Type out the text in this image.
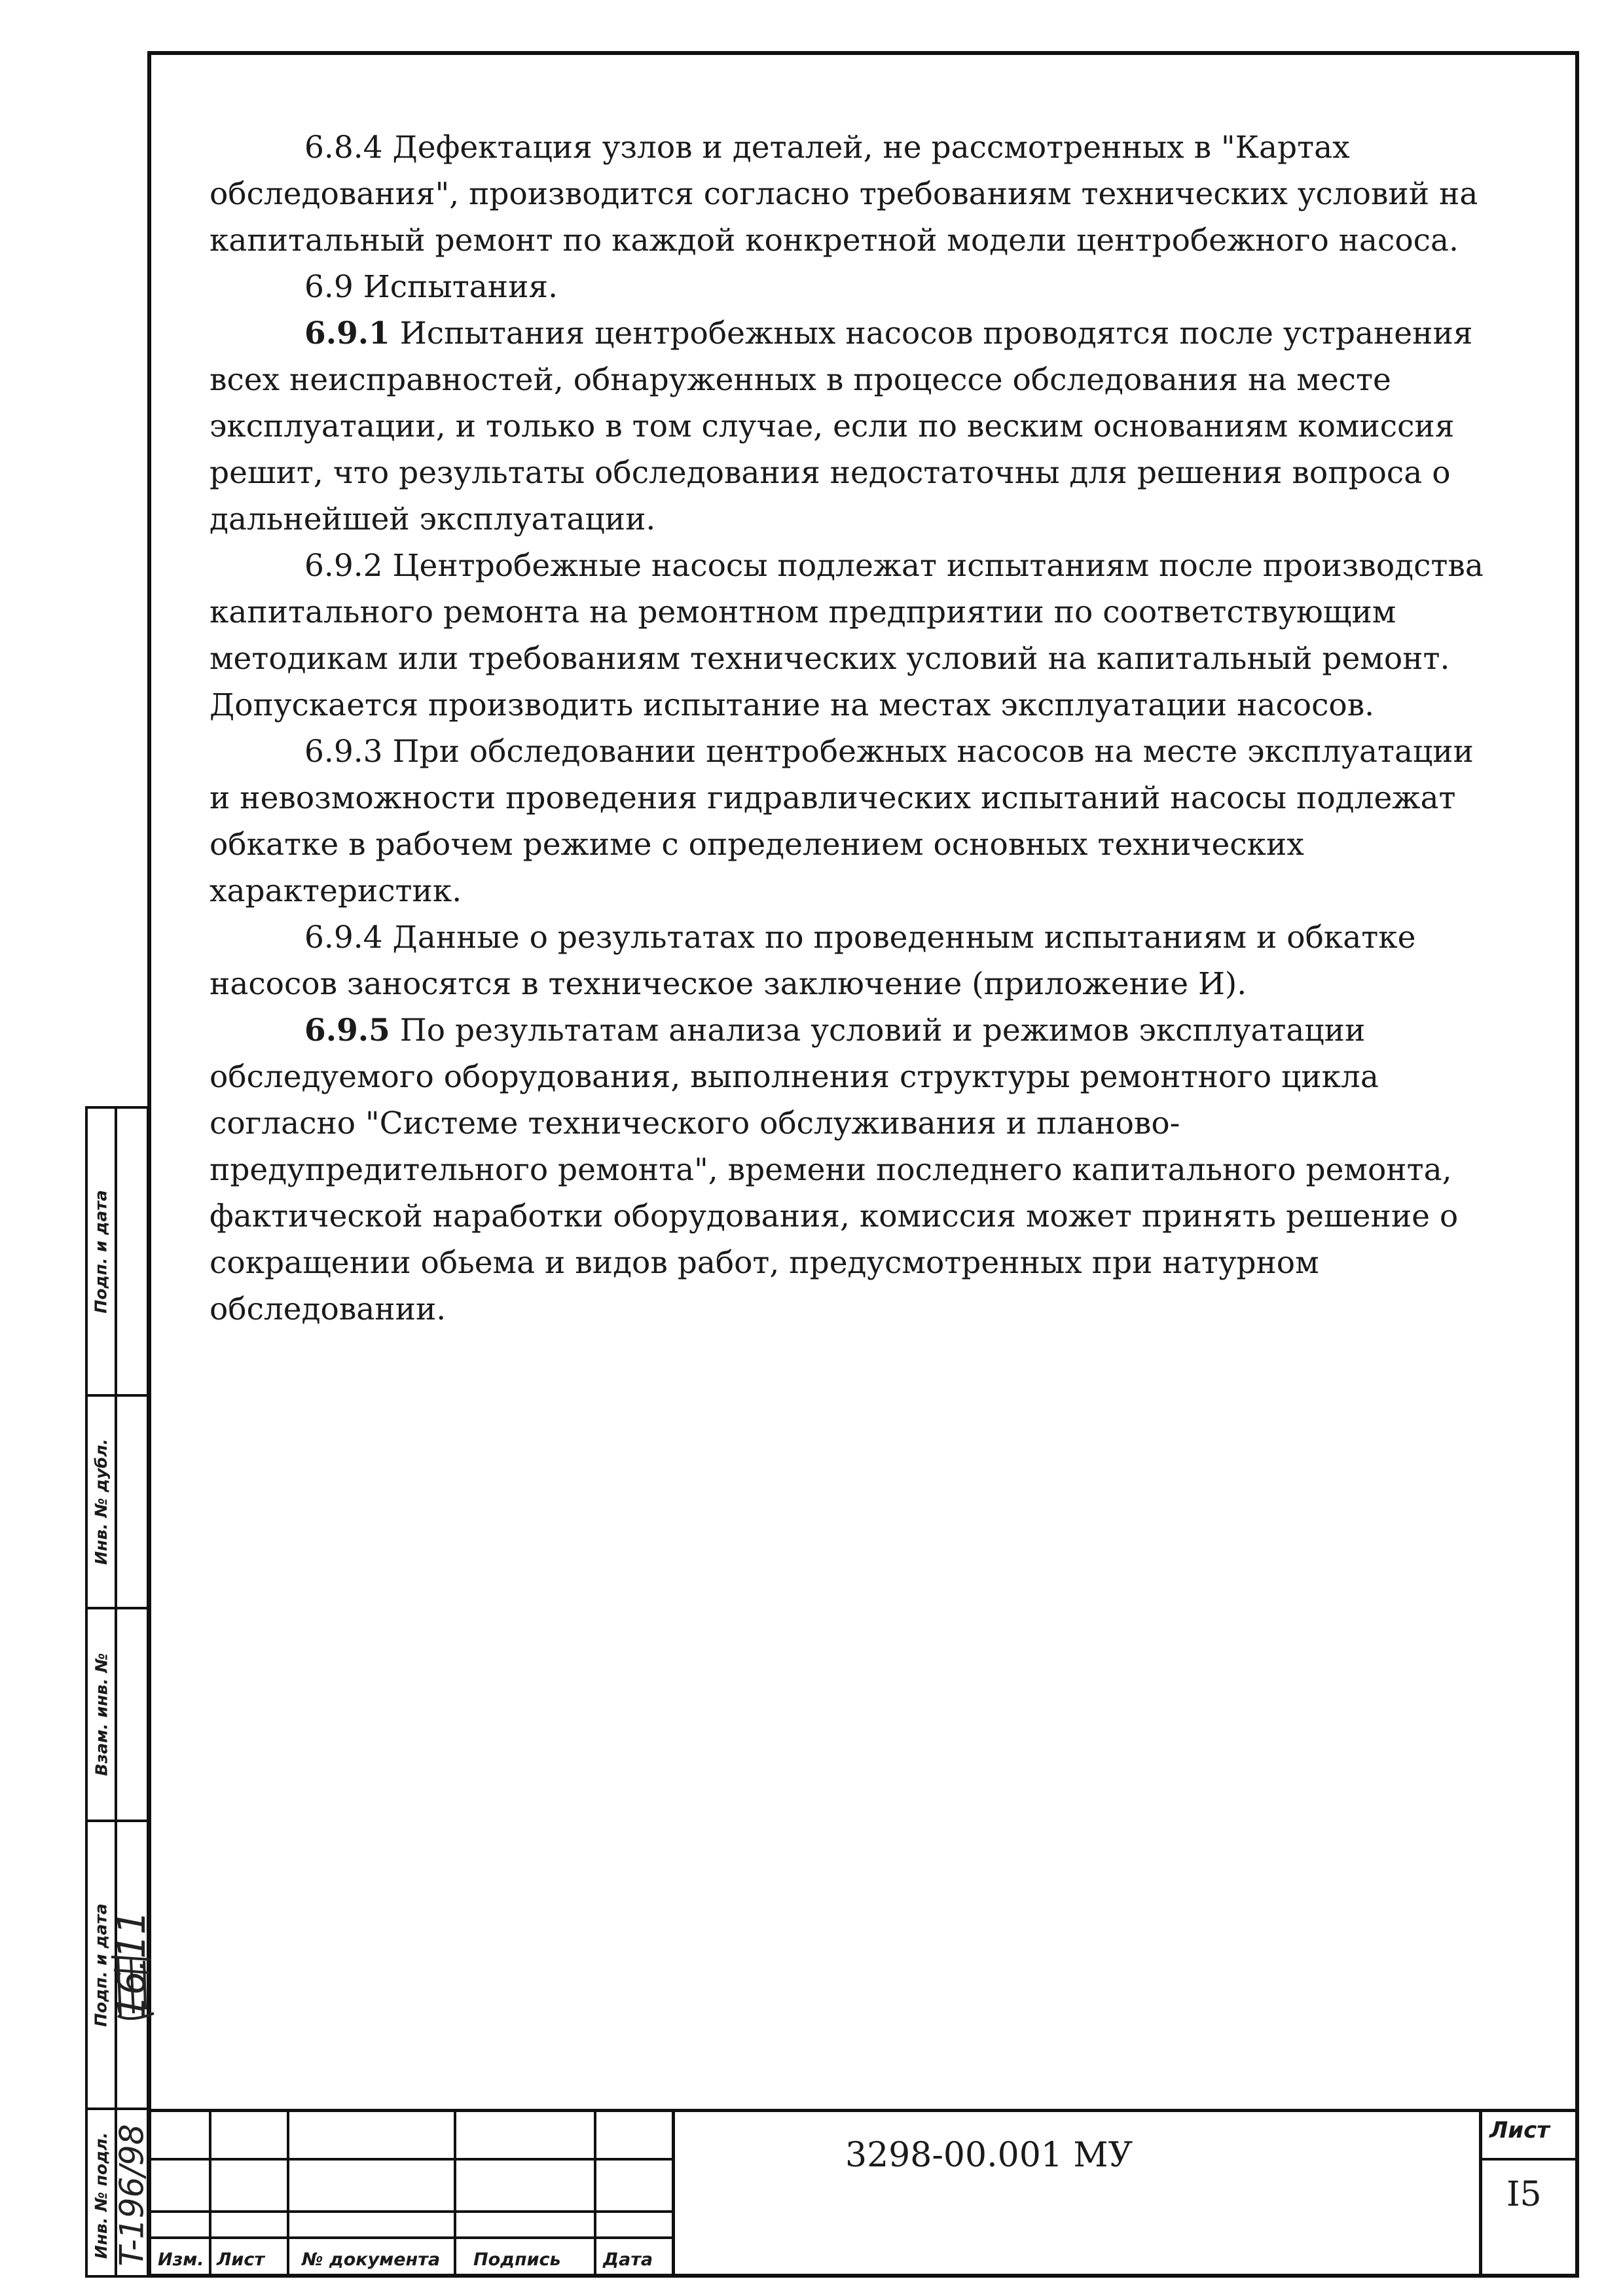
6.8.4 Дефектация узлов и деталей, не рассмотренных в "Картах обследования", производится согласно требованиям технических условий на капитальный ремонт по каждой конкретной модели центробежного насоса.

6.9 Испытания.

6.9.1 Испытания центробежных насосов проводятся после устранения всех неисправностей, обнаруженных в процессе обследования на месте эксплуатации, и только в том случае, если по веским основаниям комиссия решит, что результаты обследования недостаточны для решения вопроса о дальнейшей эксплуатации.

6.9.2 Центробежные насосы подлежат испытаниям после производства капитального ремонта на ремонтном предприятии по соответствующим методикам или требованиям технических условий на капитальный ремонт. Допускается производить испытание на местах эксплуатации насосов.

6.9.3 При обследовании центробежных насосов на месте эксплуатации и невозможности проведения гидравлических испытаний насосы подлежат обкатке в рабочем режиме с определением основных технических характеристик.

6.9.4 Данные о результатах по проведенным испытаниям и обкатке насосов заносятся в техническое заключение (приложение И).

6.9.5 По результатам анализа условий и режимов эксплуатации обследуемого оборудования, выполнения структуры ремонтного цикла согласно "Системе технического обслуживания и планово-предупредительного ремонта", времени последнего капитального ремонта, фактической наработки оборудования, комиссия может принять решение о сокращении обьема и видов работ, предусмотренных при натурном обследовании.

Подп. и дата
Инв. № дубл.
Взам. инв. №
Подп. и дата
Инв. № подл.
16.11
T-196/98 Изм. Лист № документа Подпись Дата
3298-00.001 МУ
Лист
I5
